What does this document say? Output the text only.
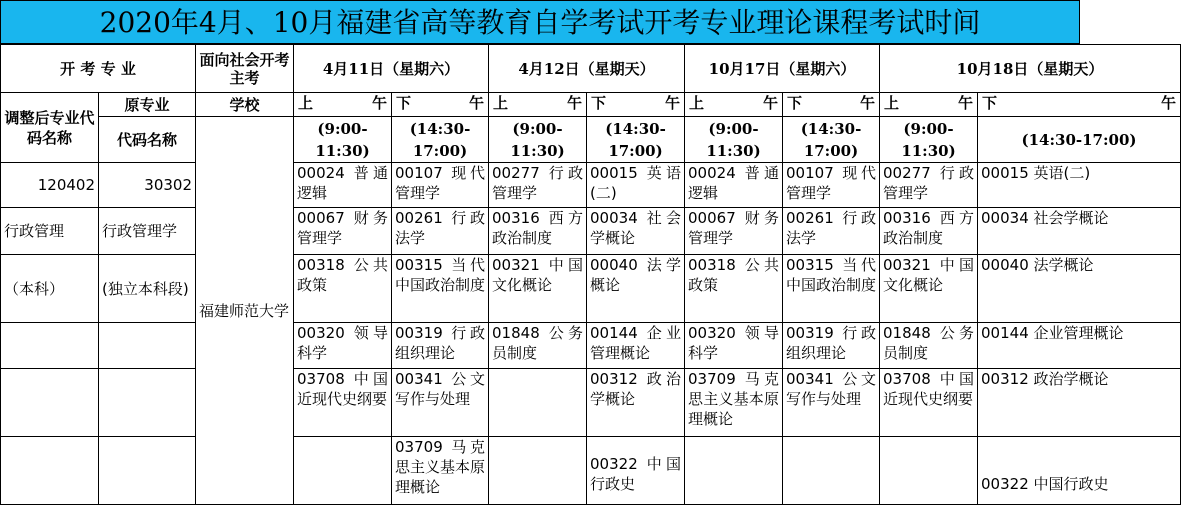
2020年4月、10月福建省高等教育自学考试开考专业理论课程考试时间
开 考 专 业		面向社会开考主考	4月11日（星期六）		4月12日（星期天）		10月17日（星期六）		10月18日（星期天）	
调整后专业代码名称	原专业	学校	上 午	下 午	上 午	下 午	上 午	下 午	上 午	下 午

	代码名称	福建师范大学	(9:00-11:30)	(14:30-17:00)	(9:00-11:30)	(14:30-17:00)	(9:00-11:30)	(14:30-17:00)	(9:00-11:30)	(14:30-17:00)
120402	30302		00024 普通逻辑	00107 现代管理学	00277 行政管理学	00015 英语(二)	00024 普通逻辑	00107 现代管理学	00277 行政管理学	00015 英语(二)
行政管理	行政管理学		00067 财务管理学	00261 行政法学	00316 西方政治制度	00034 社会学概论	00067 财务管理学	00261 行政法学	00316 西方政治制度	00034 社会学概论
（本科）	(独立本科段)		00318 公共政策	00315 当代中国政治制度	00321 中国文化概论	00040 法学概论	00318 公共政策	00315 当代中国政治制度	00321 中国文化概论	00040 法学概论
			00320 领导科学	00319 行政组织理论	01848 公务员制度	00144 企业管理概论	00320 领导科学	00319 行政组织理论	01848 公务员制度	00144 企业管理概论
			03708 中国近现代史纲要	00341 公文写作与处理		00312 政治学概论	03709 马克思主义基本原理概论	00341 公文写作与处理	03708 中国近现代史纲要	00312 政治学概论
				03709 马克思主义基本原理概论		00322 中国行政史				00322 中国行政史
